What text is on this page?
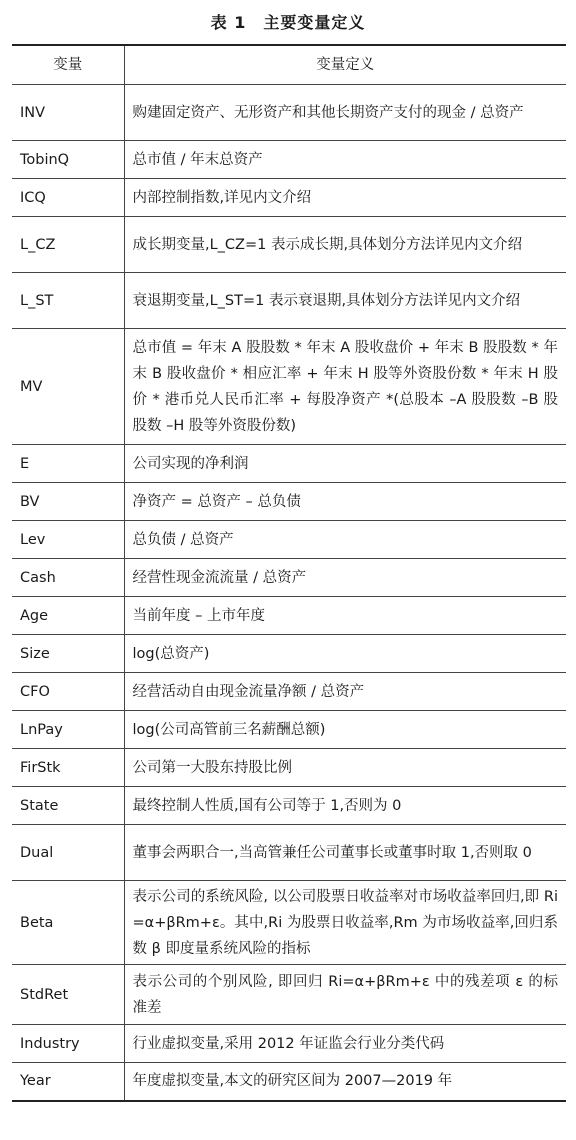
表 1　主要变量定义
变量	变量定义
INV	购建固定资产、无形资产和其他长期资产支付的现金 / 总资产
TobinQ	总市值 / 年末总资产
ICQ	内部控制指数,详见内文介绍
L_CZ	成长期变量,L_CZ=1 表示成长期,具体划分方法详见内文介绍
L_ST	衰退期变量,L_ST=1 表示衰退期,具体划分方法详见内文介绍
MV	总市值 = 年末 A 股股数 * 年末 A 股收盘价 + 年末 B 股股数 * 年末 B 股收盘价 * 相应汇率 + 年末 H 股等外资股份数 * 年末 H 股价 * 港币兑人民币汇率 + 每股净资产 *(总股本 –A 股股数 –B 股股数 –H 股等外资股份数)
E	公司实现的净利润
BV	净资产 = 总资产 – 总负债
Lev	总负债 / 总资产
Cash	经营性现金流流量 / 总资产
Age	当前年度 – 上市年度
Size	log(总资产)
CFO	经营活动自由现金流量净额 / 总资产
LnPay	log(公司高管前三名薪酬总额)
FirStk	公司第一大股东持股比例
State	最终控制人性质,国有公司等于 1,否则为 0
Dual	董事会两职合一,当高管兼任公司董事长或董事时取 1,否则取 0
Beta	表示公司的系统风险, 以公司股票日收益率对市场收益率回归,即 Ri=α+βRm+ε。其中,Ri 为股票日收益率,Rm 为市场收益率,回归系数 β 即度量系统风险的指标
StdRet	表示公司的个别风险, 即回归 Ri=α+βRm+ε 中的残差项 ε 的标准差
Industry	行业虚拟变量,采用 2012 年证监会行业分类代码
Year	年度虚拟变量,本文的研究区间为 2007—2019 年
